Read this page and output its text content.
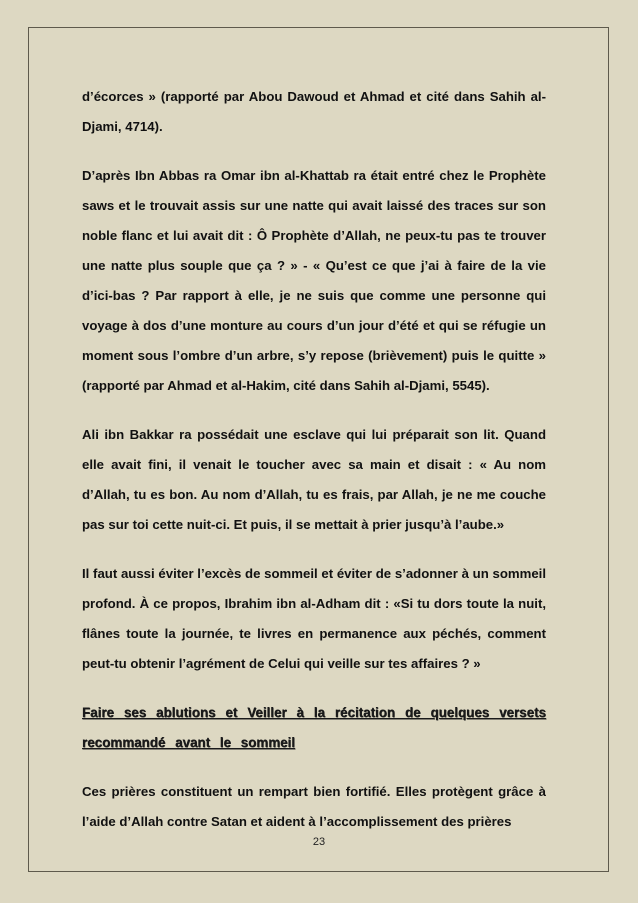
d’écorces » (rapporté par Abou Dawoud et Ahmad et cité dans Sahih al-Djami, 4714).

D’après Ibn Abbas ra Omar ibn al-Khattab ra était entré chez le Prophète saws et le trouvait assis sur une natte qui avait laissé des traces sur son noble flanc et lui avait dit : Ô Prophète d’Allah, ne peux-tu pas te trouver une natte plus souple que ça ? » - « Qu’est ce que j’ai à faire de la vie d’ici-bas ? Par rapport à elle, je ne suis que comme une personne qui voyage à dos d’une monture au cours d’un jour d’été et qui se réfugie un moment sous l’ombre d’un arbre, s’y repose (brièvement) puis le quitte » (rapporté par Ahmad et al-Hakim, cité dans Sahih al-Djami, 5545).

Ali ibn Bakkar ra possédait une esclave qui lui préparait son lit. Quand elle avait fini, il venait le toucher avec sa main et disait : « Au nom d’Allah, tu es bon. Au nom d’Allah, tu es frais, par Allah, je ne me couche pas sur toi cette nuit-ci. Et puis, il se mettait à prier jusqu’à l’aube.»

Il faut aussi éviter l’excès de sommeil et éviter de s’adonner à un sommeil profond. À ce propos, Ibrahim ibn al-Adham dit : «Si tu dors toute la nuit, flânes toute la journée, te livres en permanence aux péchés, comment peut-tu obtenir l’agrément de Celui qui veille sur tes affaires ? »

Faire ses ablutions et Veiller à la récitation de quelques versets recommandé avant le sommeil

Ces prières constituent un rempart bien fortifié. Elles protègent grâce à l’aide d’Allah contre Satan et aident à l’accomplissement des prières

23
